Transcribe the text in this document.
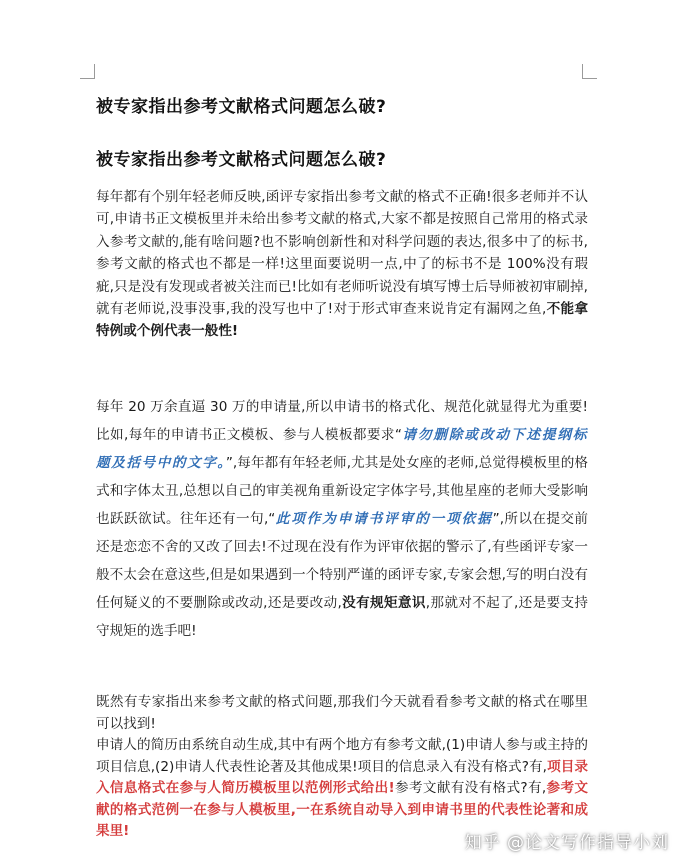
被专家指出参考文献格式问题怎么破?
被专家指出参考文献格式问题怎么破?
每年都有个别年轻老师反映,函评专家指出参考文献的格式不正确!很多老师并不认可,申请书正文模板里并未给出参考文献的格式,大家不都是按照自己常用的格式录入参考文献的,能有啥问题?也不影响创新性和对科学问题的表达,很多中了的标书,参考文献的格式也不都是一样!这里面要说明一点,中了的标书不是 100%没有瑕疵,只是没有发现或者被关注而已!比如有老师听说没有填写博士后导师被初审刷掉,就有老师说,没事没事,我的没写也中了!对于形式审查来说肯定有漏网之鱼,不能拿特例或个例代表一般性!
每年 20 万余直逼 30 万的申请量,所以申请书的格式化、规范化就显得尤为重要!比如,每年的申请书正文模板、参与人模板都要求“请勿删除或改动下述提纲标题及括号中的文字。”,每年都有年轻老师,尤其是处女座的老师,总觉得模板里的格式和字体太丑,总想以自己的审美视角重新设定字体字号,其他星座的老师大受影响也跃跃欲试。往年还有一句,“此项作为申请书评审的一项依据”,所以在提交前还是恋恋不舍的又改了回去!不过现在没有作为评审依据的警示了,有些函评专家一般不太会在意这些,但是如果遇到一个特别严谨的函评专家,专家会想,写的明白没有任何疑义的不要删除或改动,还是要改动,没有规矩意识,那就对不起了,还是要支持守规矩的选手吧!
既然有专家指出来参考文献的格式问题,那我们今天就看看参考文献的格式在哪里可以找到!
申请人的简历由系统自动生成,其中有两个地方有参考文献,(1)申请人参与或主持的项目信息,(2)申请人代表性论著及其他成果!项目的信息录入有没有格式?有,项目录入信息格式在参与人简历模板里以范例形式给出!参考文献有没有格式?有,参考文献的格式范例一在参与人模板里,一在系统自动导入到申请书里的代表性论著和成果里!
知乎 @论文写作指导小刘
